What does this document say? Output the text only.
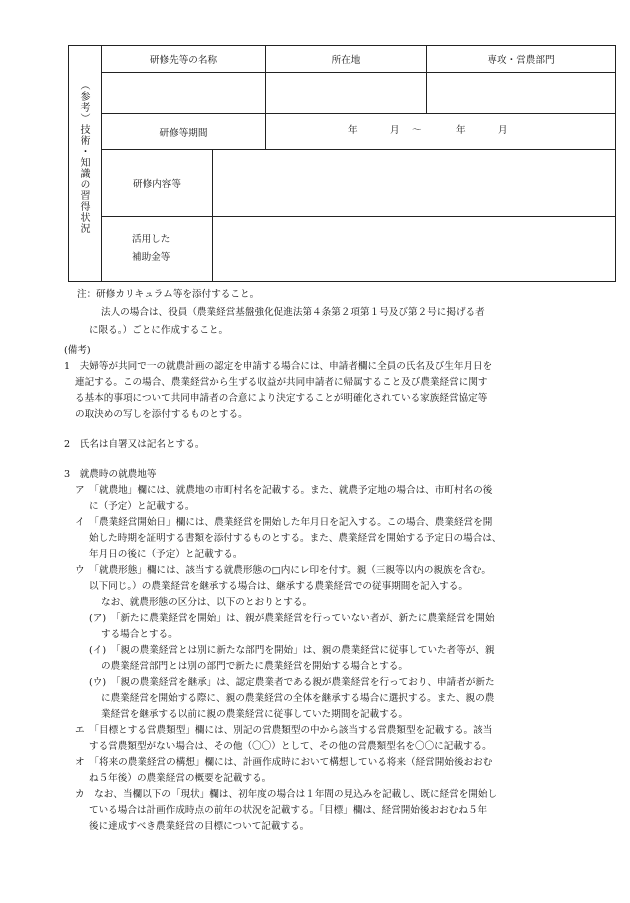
（参考）技術・知識の習得状況
研修先等の名称	所在地	専攻・営農部門
研修等期間	年	月 ～	年	月
研修内容等
活用した
補助金等
注：研修カリキュラム等を添付すること。
法人の場合は、役員（農業経営基盤強化促進法第４条第２項第１号及び第２号に掲げる者
に限る。）ごとに作成すること。
(備考)
1　夫婦等が共同で一の就農計画の認定を申請する場合には、申請者欄に全員の氏名及び生年月日を
連記する。この場合、農業経営から生ずる収益が共同申請者に帰属すること及び農業経営に関す
る基本的事項について共同申請者の合意により決定することが明確化されている家族経営協定等
の取決めの写しを添付するものとする。
2　氏名は自署又は記名とする。
3　就農時の就農地等
ア　「就農地」欄には、就農地の市町村名を記載する。また、就農予定地の場合は、市町村名の後
に（予定）と記載する。
イ　「農業経営開始日」欄には、農業経営を開始した年月日を記入する。この場合、農業経営を開
始した時期を証明する書類を添付するものとする。また、農業経営を開始する予定日の場合は、
年月日の後に（予定）と記載する。
ウ　「就農形態」欄には、該当する就農形態の□内にレ印を付す。親（三親等以内の親族を含む。
以下同じ。）の農業経営を継承する場合は、継承する農業経営での従事期間を記入する。
なお、就農形態の区分は、以下のとおりとする。
(ア)　「新たに農業経営を開始」は、親が農業経営を行っていない者が、新たに農業経営を開始
する場合とする。
(イ)　「親の農業経営とは別に新たな部門を開始」は、親の農業経営に従事していた者等が、親
の農業経営部門とは別の部門で新たに農業経営を開始する場合とする。
(ウ)　「親の農業経営を継承」は、認定農業者である親が農業経営を行っており、申請者が新た
に農業経営を開始する際に、親の農業経営の全体を継承する場合に選択する。また、親の農
業経営を継承する以前に親の農業経営に従事していた期間を記載する。
エ　「目標とする営農類型」欄には、別記の営農類型の中から該当する営農類型を記載する。該当
する営農類型がない場合は、その他（〇〇）として、その他の営農類型名を〇〇に記載する。
オ　「将来の農業経営の構想」欄には、計画作成時において構想している将来（経営開始後おおむ
ね５年後）の農業経営の概要を記載する。
カ　なお、当欄以下の「現状」欄は、初年度の場合は１年間の見込みを記載し、既に経営を開始し
ている場合は計画作成時点の前年の状況を記載する。「目標」欄は、経営開始後おおむね５年
後に達成すべき農業経営の目標について記載する。
